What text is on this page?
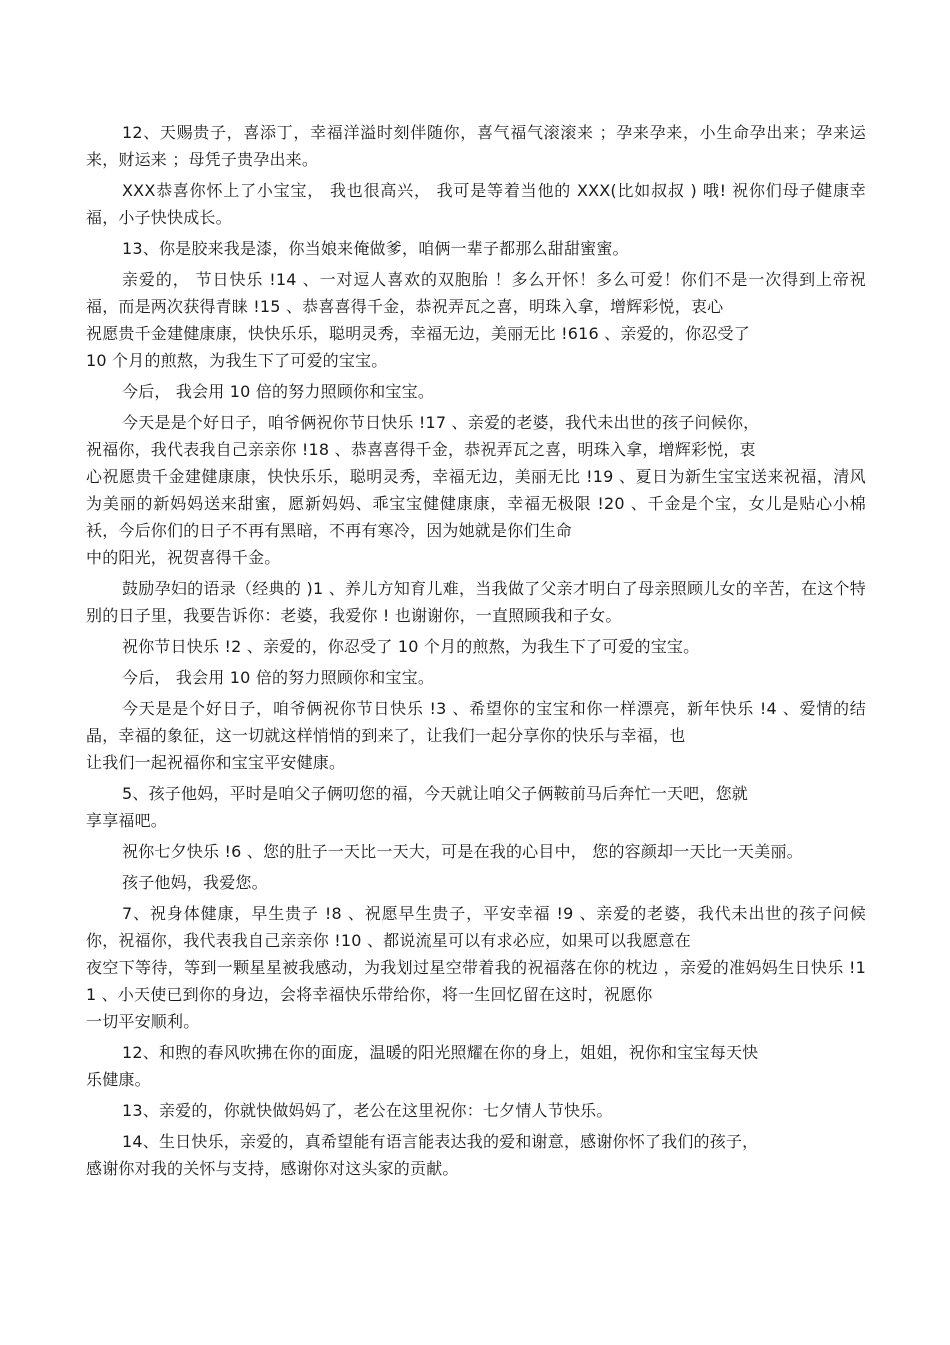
12、天赐贵子，喜添丁，幸福洋溢时刻伴随你，喜气福气滚滚来 ；孕来孕来，小生命孕出来；孕来运来，财运来 ；母凭子贵孕出来。

XXX恭喜你怀上了小宝宝， 我也很高兴， 我可是等着当他的 XXX(比如叔叔 ) 哦! 祝你们母子健康幸福，小子快快成长。

13、你是胶来我是漆，你当娘来俺做爹，咱俩一辈子都那么甜甜蜜蜜。

亲爱的， 节日快乐 !14 、一对逗人喜欢的双胞胎 ！多么开怀！多么可爱！你们不是一次得到上帝祝福，而是两次获得青睐 !15 、恭喜喜得千金，恭祝弄瓦之喜，明珠入拿，增辉彩悦，衷心
祝愿贵千金建健康康，快快乐乐，聪明灵秀，幸福无边，美丽无比 !616 、亲爱的，你忍受了
10 个月的煎熬，为我生下了可爱的宝宝。

今后， 我会用 10 倍的努力照顾你和宝宝。

今天是是个好日子，咱爷俩祝你节日快乐 !17 、亲爱的老婆，我代未出世的孩子问候你，
祝福你，我代表我自己亲亲你 !18 、恭喜喜得千金，恭祝弄瓦之喜，明珠入拿，增辉彩悦，衷
心祝愿贵千金建健康康，快快乐乐，聪明灵秀，幸福无边，美丽无比 !19 、夏日为新生宝宝送来祝福，清风为美丽的新妈妈送来甜蜜，愿新妈妈、乖宝宝健健康康，幸福无极限 !20 、千金是个宝，女儿是贴心小棉袄，今后你们的日子不再有黑暗，不再有寒冷，因为她就是你们生命
中的阳光，祝贺喜得千金。

鼓励孕妇的语录（经典的 )1 、养儿方知育儿难，当我做了父亲才明白了母亲照顾儿女的辛苦，在这个特别的日子里，我要告诉你：老婆，我爱你 ! 也谢谢你，一直照顾我和子女。

祝你节日快乐 !2 、亲爱的，你忍受了 10 个月的煎熬，为我生下了可爱的宝宝。

今后， 我会用 10 倍的努力照顾你和宝宝。

今天是是个好日子，咱爷俩祝你节日快乐 !3 、希望你的宝宝和你一样漂亮，新年快乐 !4 、爱情的结晶，幸福的象征，这一切就这样悄悄的到来了，让我们一起分享你的快乐与幸福，也
让我们一起祝福你和宝宝平安健康。

5、孩子他妈，平时是咱父子俩叨您的福，今天就让咱父子俩鞍前马后奔忙一天吧，您就
享享福吧。

祝你七夕快乐 !6 、您的肚子一天比一天大，可是在我的心目中， 您的容颜却一天比一天美丽。

孩子他妈，我爱您。

7、祝身体健康，早生贵子 !8 、祝愿早生贵子，平安幸福 !9 、亲爱的老婆，我代未出世的孩子问候你，祝福你，我代表我自己亲亲你 !10 、都说流星可以有求必应，如果可以我愿意在
夜空下等待，等到一颗星星被我感动，为我划过星空带着我的祝福落在你的枕边 ，亲爱的准妈妈生日快乐 !11 、小天使已到你的身边，会将幸福快乐带给你，将一生回忆留在这时，祝愿你
一切平安顺利。

12、和煦的春风吹拂在你的面庞，温暖的阳光照耀在你的身上，姐姐，祝你和宝宝每天快
乐健康。

13、亲爱的，你就快做妈妈了，老公在这里祝你：七夕情人节快乐。

14、生日快乐，亲爱的，真希望能有语言能表达我的爱和谢意，感谢你怀了我们的孩子，
感谢你对我的关怀与支持，感谢你对这头家的贡献。
